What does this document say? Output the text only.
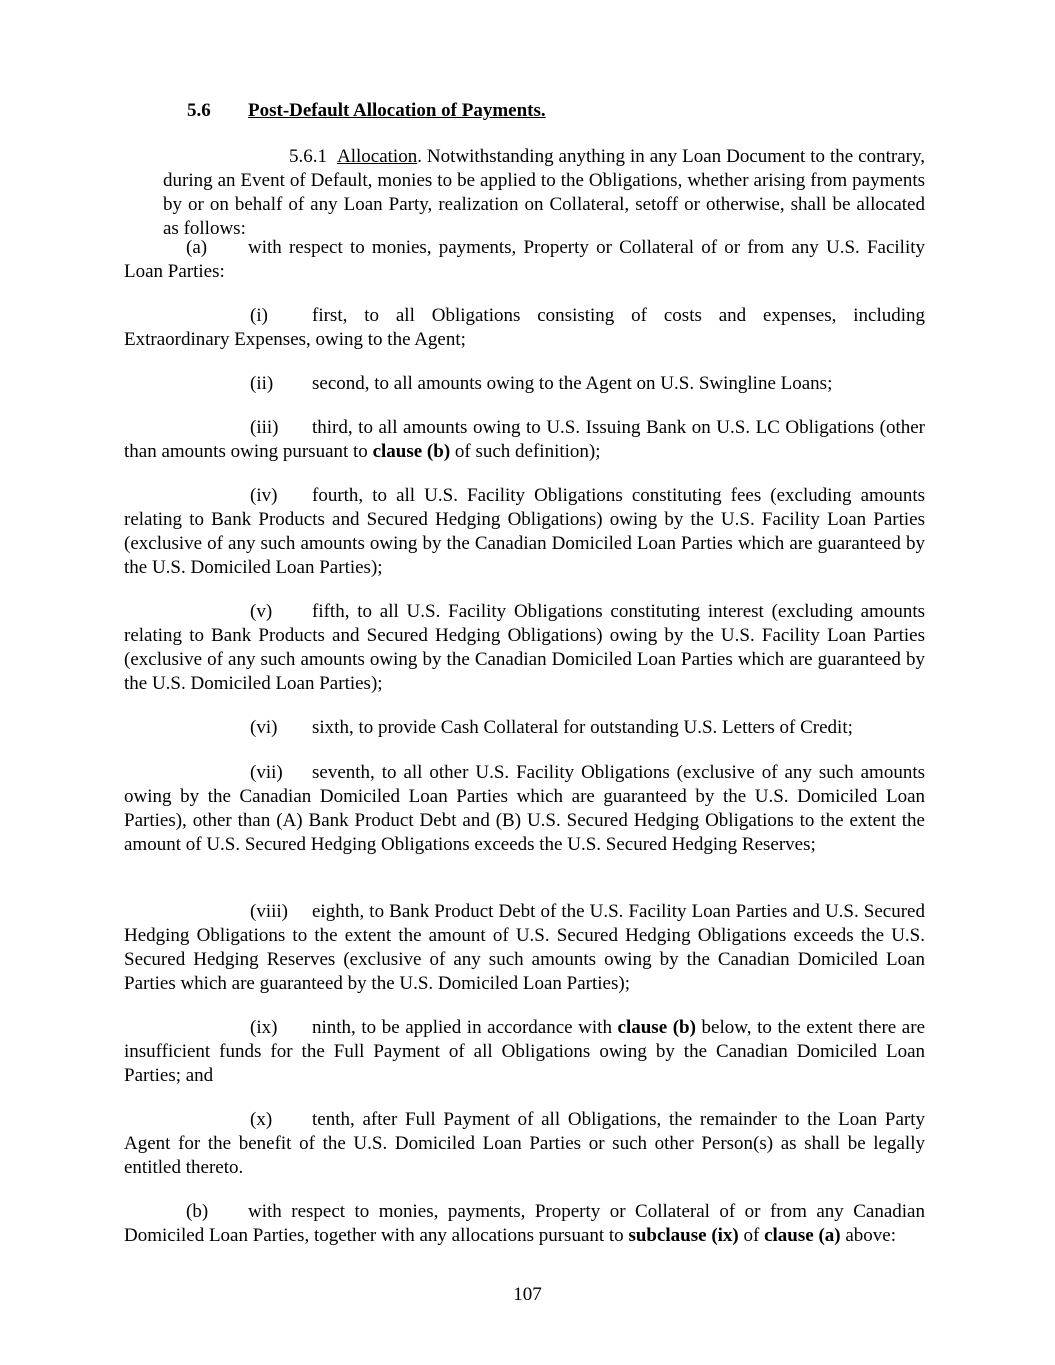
5.6 Post-Default Allocation of Payments.

5.6.1 Allocation. Notwithstanding anything in any Loan Document to the contrary, during an Event of Default, monies to be applied to the Obligations, whether arising from payments by or on behalf of any Loan Party, realization on Collateral, setoff or otherwise, shall be allocated as follows:

(a) with respect to monies, payments, Property or Collateral of or from any U.S. Facility Loan Parties:

(i) first, to all Obligations consisting of costs and expenses, including Extraordinary Expenses, owing to the Agent;

(ii) second, to all amounts owing to the Agent on U.S. Swingline Loans;

(iii) third, to all amounts owing to U.S. Issuing Bank on U.S. LC Obligations (other than amounts owing pursuant to clause (b) of such definition);

(iv) fourth, to all U.S. Facility Obligations constituting fees (excluding amounts relating to Bank Products and Secured Hedging Obligations) owing by the U.S. Facility Loan Parties (exclusive of any such amounts owing by the Canadian Domiciled Loan Parties which are guaranteed by the U.S. Domiciled Loan Parties);

(v) fifth, to all U.S. Facility Obligations constituting interest (excluding amounts relating to Bank Products and Secured Hedging Obligations) owing by the U.S. Facility Loan Parties (exclusive of any such amounts owing by the Canadian Domiciled Loan Parties which are guaranteed by the U.S. Domiciled Loan Parties);

(vi) sixth, to provide Cash Collateral for outstanding U.S. Letters of Credit;

(vii) seventh, to all other U.S. Facility Obligations (exclusive of any such amounts owing by the Canadian Domiciled Loan Parties which are guaranteed by the U.S. Domiciled Loan Parties), other than (A) Bank Product Debt and (B) U.S. Secured Hedging Obligations to the extent the amount of U.S. Secured Hedging Obligations exceeds the U.S. Secured Hedging Reserves;

(viii) eighth, to Bank Product Debt of the U.S. Facility Loan Parties and U.S. Secured Hedging Obligations to the extent the amount of U.S. Secured Hedging Obligations exceeds the U.S. Secured Hedging Reserves (exclusive of any such amounts owing by the Canadian Domiciled Loan Parties which are guaranteed by the U.S. Domiciled Loan Parties);

(ix) ninth, to be applied in accordance with clause (b) below, to the extent there are insufficient funds for the Full Payment of all Obligations owing by the Canadian Domiciled Loan Parties; and

(x) tenth, after Full Payment of all Obligations, the remainder to the Loan Party Agent for the benefit of the U.S. Domiciled Loan Parties or such other Person(s) as shall be legally entitled thereto.

(b) with respect to monies, payments, Property or Collateral of or from any Canadian Domiciled Loan Parties, together with any allocations pursuant to subclause (ix) of clause (a) above:

107
